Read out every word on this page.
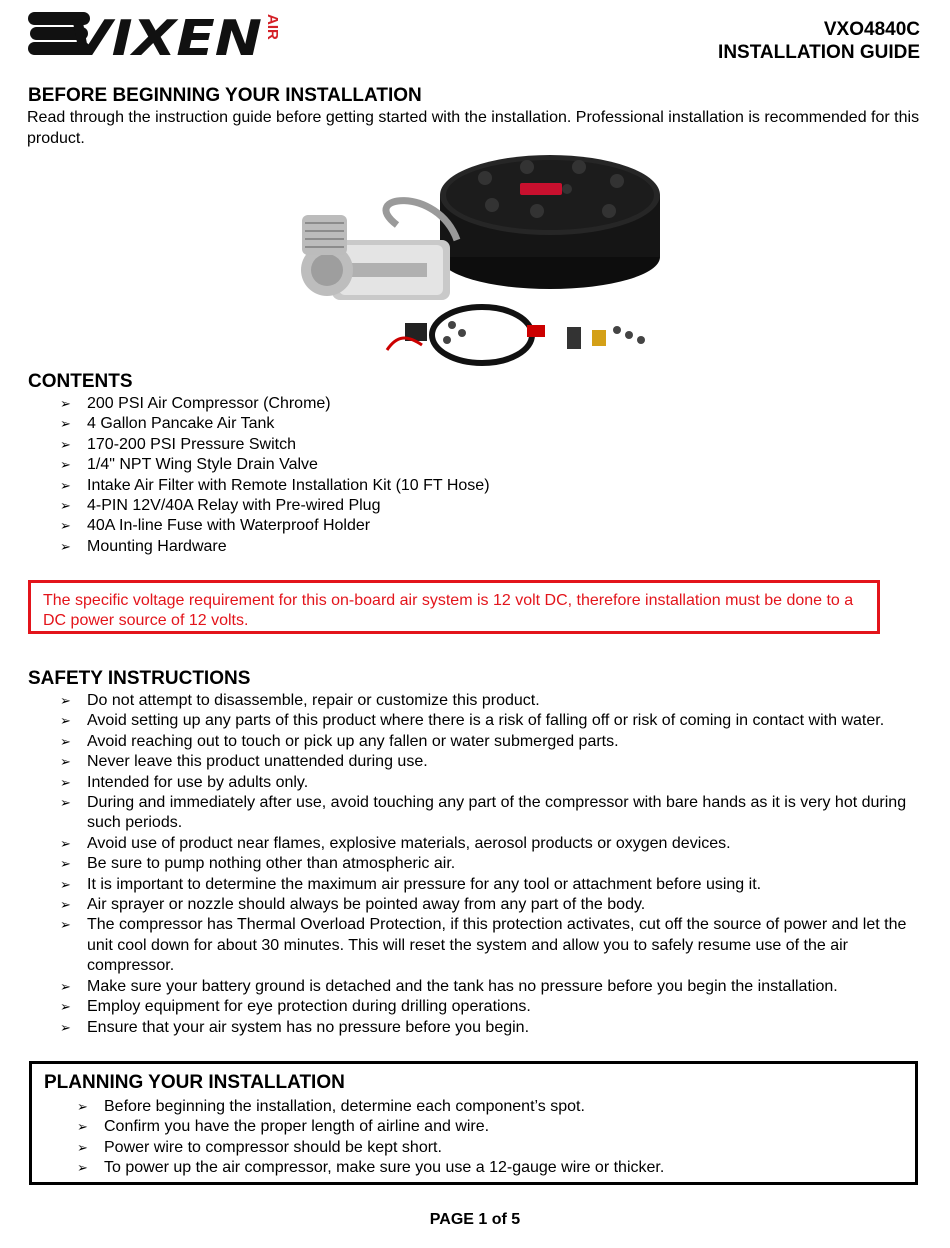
VIXEN AIR	VXO4840C
INSTALLATION GUIDE
BEFORE BEGINNING YOUR INSTALLATION
Read through the instruction guide before getting started with the installation. Professional installation is recommended for this product.
CONTENTS
➢ 200 PSI Air Compressor (Chrome)
➢ 4 Gallon Pancake Air Tank
➢ 170-200 PSI Pressure Switch
➢ 1/4" NPT Wing Style Drain Valve
➢ Intake Air Filter with Remote Installation Kit (10 FT Hose)
➢ 4-PIN 12V/40A Relay with Pre-wired Plug
➢ 40A In-line Fuse with Waterproof Holder
➢ Mounting Hardware
The specific voltage requirement for this on-board air system is 12 volt DC, therefore installation must be done to a DC power source of 12 volts.
SAFETY INSTRUCTIONS
➢ Do not attempt to disassemble, repair or customize this product.
➢ Avoid setting up any parts of this product where there is a risk of falling off or risk of coming in contact with water.
➢ Avoid reaching out to touch or pick up any fallen or water submerged parts.
➢ Never leave this product unattended during use.
➢ Intended for use by adults only.
➢ During and immediately after use, avoid touching any part of the compressor with bare hands as it is very hot during such periods.
➢ Avoid use of product near flames, explosive materials, aerosol products or oxygen devices.
➢ Be sure to pump nothing other than atmospheric air.
➢ It is important to determine the maximum air pressure for any tool or attachment before using it.
➢ Air sprayer or nozzle should always be pointed away from any part of the body.
➢ The compressor has Thermal Overload Protection, if this protection activates, cut off the source of power and let the unit cool down for about 30 minutes. This will reset the system and allow you to safely resume use of the air compressor.
➢ Make sure your battery ground is detached and the tank has no pressure before you begin the installation.
➢ Employ equipment for eye protection during drilling operations.
➢ Ensure that your air system has no pressure before you begin.
PLANNING YOUR INSTALLATION
➢ Before beginning the installation, determine each component’s spot.
➢ Confirm you have the proper length of airline and wire.
➢ Power wire to compressor should be kept short.
➢ To power up the air compressor, make sure you use a 12-gauge wire or thicker.
PAGE 1 of 5
